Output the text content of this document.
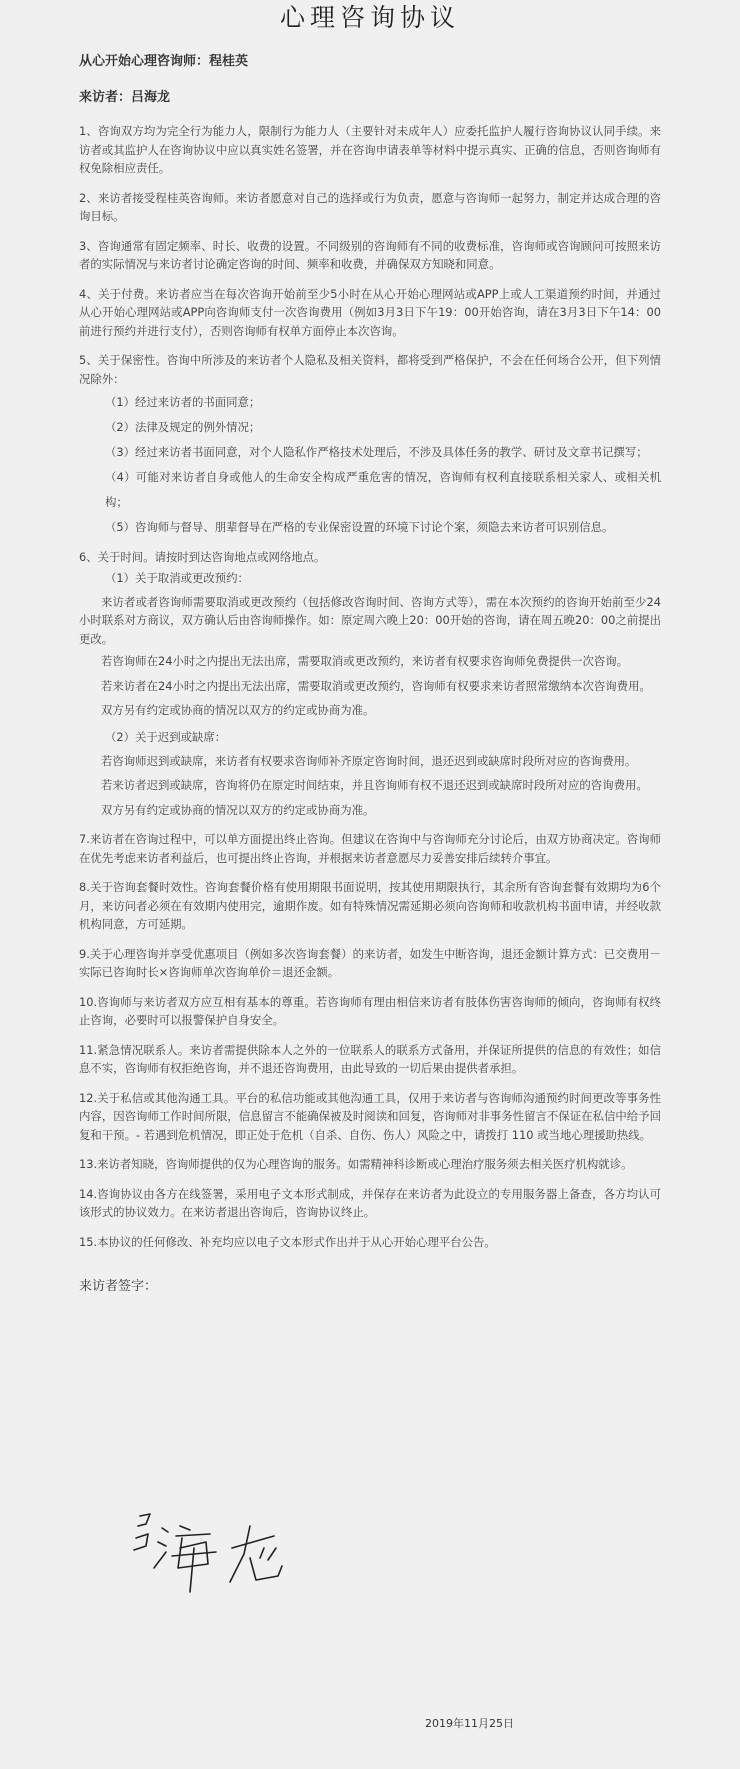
心理咨询协议
从心开始心理咨询师：程桂英
来访者：吕海龙

1、咨询双方均为完全行为能力人，限制行为能力人（主要针对未成年人）应委托监护人履行咨询协议认同手续。来访者或其监护人在咨询协议中应以真实姓名签署，并在咨询申请表单等材料中提示真实、正确的信息，否则咨询师有权免除相应责任。

2、来访者接受程桂英咨询师。来访者愿意对自己的选择或行为负责，愿意与咨询师一起努力，制定并达成合理的咨询目标。

3、咨询通常有固定频率、时长、收费的设置。不同级别的咨询师有不同的收费标准，咨询师或咨询顾问可按照来访者的实际情况与来访者讨论确定咨询的时间、频率和收费，并确保双方知晓和同意。

4、关于付费。来访者应当在每次咨询开始前至少5小时在从心开始心理网站或APP上或人工渠道预约时间，并通过从心开始心理网站或APP向咨询师支付一次咨询费用（例如3月3日下午19：00开始咨询，请在3月3日下午14：00前进行预约并进行支付），否则咨询师有权单方面停止本次咨询。

5、关于保密性。咨询中所涉及的来访者个人隐私及相关资料，都将受到严格保护，不会在任何场合公开，但下列情况除外：

（1）经过来访者的书面同意；
（2）法律及规定的例外情况；
（3）经过来访者书面同意，对个人隐私作严格技术处理后，不涉及具体任务的教学、研讨及文章书记撰写；
（4）可能对来访者自身或他人的生命安全构成严重危害的情况，咨询师有权利直接联系相关家人、或相关机构；
（5）咨询师与督导、朋辈督导在严格的专业保密设置的环境下讨论个案，须隐去来访者可识别信息。

6、关于时间。请按时到达咨询地点或网络地点。

（1）关于取消或更改预约：

来访者或者咨询师需要取消或更改预约（包括修改咨询时间、咨询方式等），需在本次预约的咨询开始前至少24小时联系对方商议，双方确认后由咨询师操作。如：原定周六晚上20：00开始的咨询，请在周五晚20：00之前提出更改。

若咨询师在24小时之内提出无法出席，需要取消或更改预约，来访者有权要求咨询师免费提供一次咨询。

若来访者在24小时之内提出无法出席，需要取消或更改预约，咨询师有权要求来访者照常缴纳本次咨询费用。

双方另有约定或协商的情况以双方的约定或协商为准。

（2）关于迟到或缺席：

若咨询师迟到或缺席，来访者有权要求咨询师补齐原定咨询时间，退还迟到或缺席时段所对应的咨询费用。

若来访者迟到或缺席，咨询将仍在原定时间结束，并且咨询师有权不退还迟到或缺席时段所对应的咨询费用。

双方另有约定或协商的情况以双方的约定或协商为准。

7.来访者在咨询过程中，可以单方面提出终止咨询。但建议在咨询中与咨询师充分讨论后，由双方协商决定。咨询师在优先考虑来访者利益后，也可提出终止咨询，并根据来访者意愿尽力妥善安排后续转介事宜。

8.关于咨询套餐时效性。咨询套餐价格有使用期限书面说明，按其使用期限执行，其余所有咨询套餐有效期均为6个月，来访问者必须在有效期内使用完，逾期作废。如有特殊情况需延期必须向咨询师和收款机构书面申请，并经收款机构同意，方可延期。

9.关于心理咨询并享受优惠项目（例如多次咨询套餐）的来访者，如发生中断咨询，退还金额计算方式：已交费用－实际已咨询时长×咨询师单次咨询单价＝退还金额。

10.咨询师与来访者双方应互相有基本的尊重。若咨询师有理由相信来访者有肢体伤害咨询师的倾向，咨询师有权终止咨询，必要时可以报警保护自身安全。

11.紧急情况联系人。来访者需提供除本人之外的一位联系人的联系方式备用，并保证所提供的信息的有效性；如信息不实，咨询师有权拒绝咨询，并不退还咨询费用，由此导致的一切后果由提供者承担。

12.关于私信或其他沟通工具。平台的私信功能或其他沟通工具，仅用于来访者与咨询师沟通预约时间更改等事务性内容，因咨询师工作时间所限，信息留言不能确保被及时阅读和回复，咨询师对非事务性留言不保证在私信中给予回复和干预。- 若遇到危机情况，即正处于危机（自杀、自伤、伤人）风险之中，请拨打 110 或当地心理援助热线。

13.来访者知晓，咨询师提供的仅为心理咨询的服务。如需精神科诊断或心理治疗服务须去相关医疗机构就诊。

14.咨询协议由各方在线签署，采用电子文本形式制成，并保存在来访者为此设立的专用服务器上备查，各方均认可该形式的协议效力。在来访者退出咨询后，咨询协议终止。

15.本协议的任何修改、补充均应以电子文本形式作出并于从心开始心理平台公告。

来访者签字：
2019年11月25日
